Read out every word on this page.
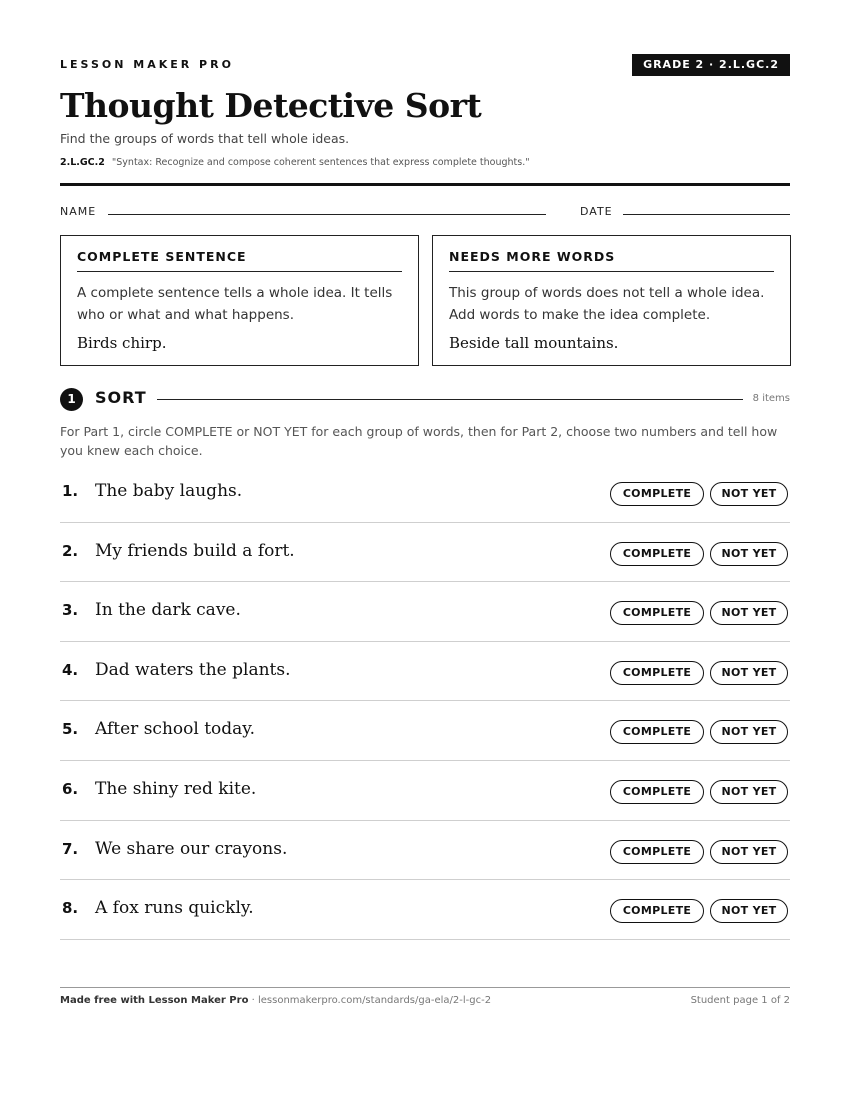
LESSON MAKER PRO	GRADE 2 · 2.L.GC.2
Thought Detective Sort
Find the groups of words that tell whole ideas.
2.L.GC.2 "Syntax: Recognize and compose coherent sentences that express complete thoughts."
NAME	DATE
COMPLETE SENTENCE
A complete sentence tells a whole idea. It tells who or what and what happens.
Birds chirp.
NEEDS MORE WORDS
This group of words does not tell a whole idea. Add words to make the idea complete.
Beside tall mountains.
1	SORT	8 items
For Part 1, circle COMPLETE or NOT YET for each group of words, then for Part 2, choose two numbers and tell how you knew each choice.
1. The baby laughs.	COMPLETE	NOT YET
2. My friends build a fort.	COMPLETE	NOT YET
3. In the dark cave.	COMPLETE	NOT YET
4. Dad waters the plants.	COMPLETE	NOT YET
5. After school today.	COMPLETE	NOT YET
6. The shiny red kite.	COMPLETE	NOT YET
7. We share our crayons.	COMPLETE	NOT YET
8. A fox runs quickly.	COMPLETE	NOT YET
Made free with Lesson Maker Pro · lessonmakerpro.com/standards/ga-ela/2-l-gc-2	Student page 1 of 2
